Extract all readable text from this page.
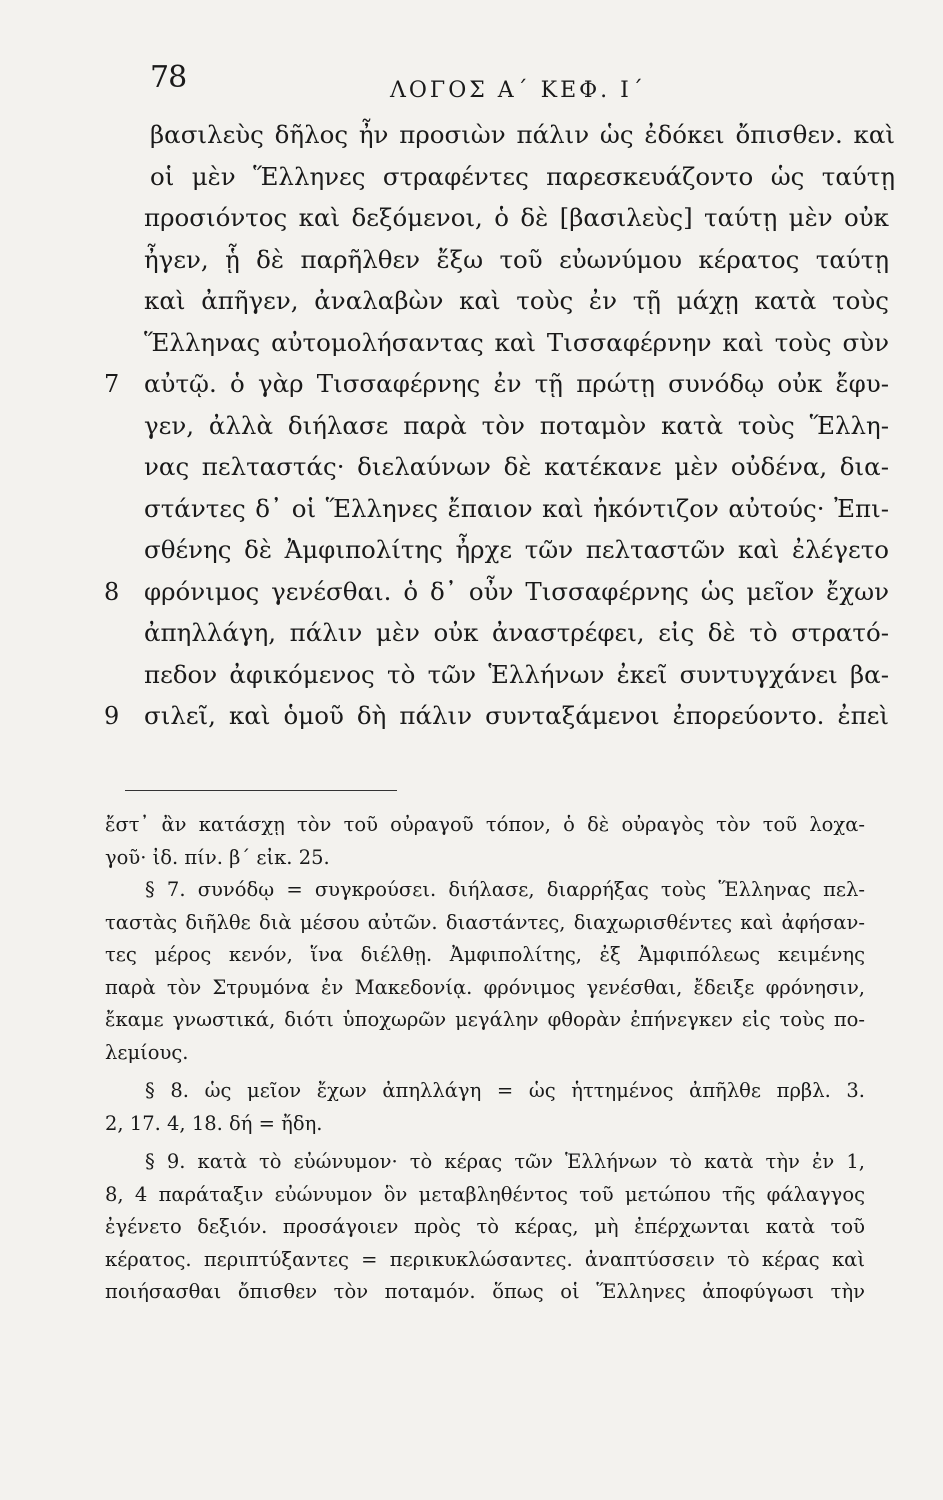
78	ΛΟΓΟΣ Α΄ ΚΕΦ. Ι΄
βασιλεὺς δῆλος ἦν προσιὼν πάλιν ὡς ἐδόκει ὄπισθεν. καὶ
οἱ μὲν Ἕλληνες στραφέντες παρεσκευάζοντο ὡς ταύτῃ
προσιόντος καὶ δεξόμενοι, ὁ δὲ [βασιλεὺς] ταύτῃ μὲν οὐκ
ἦγεν, ᾗ δὲ παρῆλθεν ἔξω τοῦ εὐωνύμου κέρατος ταύτῃ
καὶ ἀπῆγεν, ἀναλαβὼν καὶ τοὺς ἐν τῇ μάχῃ κατὰ τοὺς
Ἕλληνας αὐτομολήσαντας καὶ Τισσαφέρνην καὶ τοὺς σὺν
αὐτῷ. ὁ γὰρ Τισσαφέρνης ἐν τῇ πρώτῃ συνόδῳ οὐκ ἔφυ-
γεν, ἀλλὰ διήλασε παρὰ τὸν ποταμὸν κατὰ τοὺς Ἕλλη-
νας πελταστάς· διελαύνων δὲ κατέκανε μὲν οὐδένα, δια-
στάντες δ᾽ οἱ Ἕλληνες ἔπαιον καὶ ἠκόντιζον αὐτούς· Ἐπι-
σθένης δὲ Ἀμφιπολίτης ἦρχε τῶν πελταστῶν καὶ ἐλέγετο
φρόνιμος γενέσθαι. ὁ δ᾽ οὖν Τισσαφέρνης ὡς μεῖον ἔχων
ἀπηλλάγη, πάλιν μὲν οὐκ ἀναστρέφει, εἰς δὲ τὸ στρατό-
πεδον ἀφικόμενος τὸ τῶν Ἑλλήνων ἐκεῖ συντυγχάνει βα-
σιλεῖ, καὶ ὁμοῦ δὴ πάλιν συνταξάμενοι ἐπορεύοντο. ἐπεὶ
7
8
9
ἔστ᾽ ἂν κατάσχῃ τὸν τοῦ οὐραγοῦ τόπον, ὁ δὲ οὐραγὸς τὸν τοῦ λοχα-
γοῦ· ἰδ. πίν. β΄ εἰκ. 25.
§ 7. συνόδῳ = συγκρούσει. διήλασε, διαρρήξας τοὺς Ἕλληνας πελ-
ταστὰς διῆλθε διὰ μέσου αὐτῶν. διαστάντες, διαχωρισθέντες καὶ ἀφήσαν-
τες μέρος κενόν, ἵνα διέλθῃ. Ἀμφιπολίτης, ἐξ Ἀμφιπόλεως κειμένης
παρὰ τὸν Στρυμόνα ἐν Μακεδονίᾳ. φρόνιμος γενέσθαι, ἔδειξε φρόνησιν,
ἔκαμε γνωστικά, διότι ὑποχωρῶν μεγάλην φθορὰν ἐπήνεγκεν εἰς τοὺς πο-
λεμίους.
§ 8. ὡς μεῖον ἔχων ἀπηλλάγη = ὡς ἡττημένος ἀπῆλθε πρβλ. 3.
2, 17. 4, 18. δή = ἤδη.
§ 9. κατὰ τὸ εὐώνυμον· τὸ κέρας τῶν Ἑλλήνων τὸ κατὰ τὴν ἐν 1,
8, 4 παράταξιν εὐώνυμον ὃν μεταβληθέντος τοῦ μετώπου τῆς φάλαγγος
ἐγένετο δεξιόν. προσάγοιεν πρὸς τὸ κέρας, μὴ ἐπέρχωνται κατὰ τοῦ
κέρατος. περιπτύξαντες = περικυκλώσαντες. ἀναπτύσσειν τὸ κέρας καὶ
ποιήσασθαι ὄπισθεν τὸν ποταμόν. ὅπως οἱ Ἕλληνες ἀποφύγωσι τὴν
